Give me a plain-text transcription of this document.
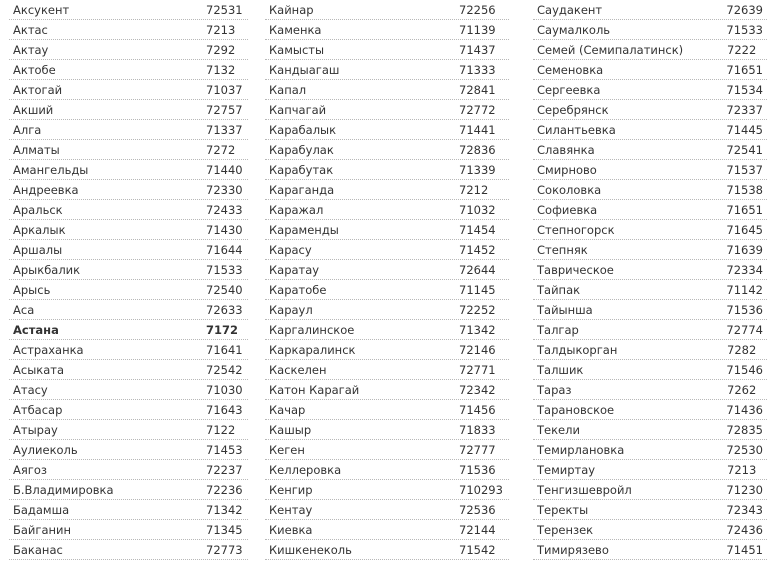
Аксукент	72531
Актас	7213
Актау	7292
Актобе	7132
Актогай	71037
Акший	72757
Алга	71337
Алматы	7272
Амангельды	71440
Андреевка	72330
Аральск	72433
Аркалык	71430
Аршалы	71644
Арыкбалик	71533
Арысь	72540
Аса	72633
Астана	7172
Астраханка	71641
Асыката	72542
Атасу	71030
Атбасар	71643
Атырау	7122
Аулиеколь	71453
Аягоз	72237
Б.Владимировка	72236
Бадамша	71342
Байганин	71345
Баканас	72773
Кайнар	72256
Каменка	71139
Камысты	71437
Кандыагаш	71333
Капал	72841
Капчагай	72772
Карабалык	71441
Карабулак	72836
Карабутак	71339
Караганда	7212
Каражал	71032
Караменды	71454
Карасу	71452
Каратау	72644
Каратобе	71145
Караул	72252
Каргалинское	71342
Каркаралинск	72146
Каскелен	72771
Катон Карагай	72342
Качар	71456
Кашыр	71833
Кеген	72777
Келлеровка	71536
Кенгир	710293
Кентау	72536
Киевка	72144
Кишкенеколь	71542
Саудакент	72639
Саумалколь	71533
Семей (Семипалатинск)	7222
Семеновка	71651
Сергеевка	71534
Серебрянск	72337
Силантьевка	71445
Славянка	72541
Смирново	71537
Соколовка	71538
Софиевка	71651
Степногорск	71645
Степняк	71639
Таврическое	72334
Тайпак	71142
Тайынша	71536
Талгар	72774
Талдыкорган	7282
Талшик	71546
Тараз	7262
Тарановское	71436
Текели	72835
Темирлановка	72530
Темиртау	7213
Тенгизшевройл	71230
Теректы	72343
Терензек	72436
Тимирязево	71451
